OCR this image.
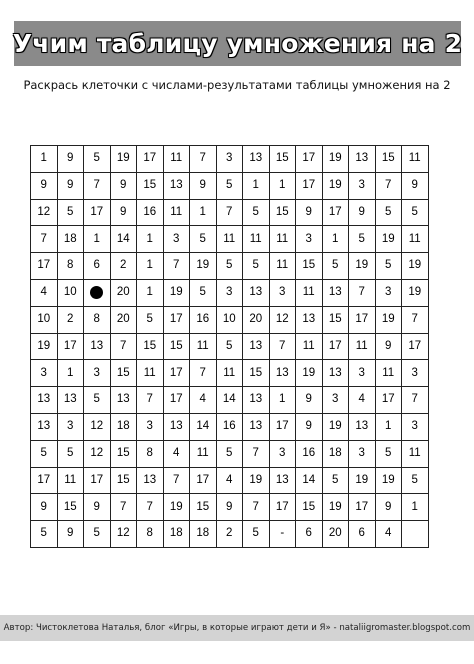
Учим таблицу умножения на 2
Раскрась клеточки с числами-результатами таблицы умножения на 2
1	9	5	19	17	11	7	3	13	15	17	19	13	15	11
9	9	7	9	15	13	9	5	1	1	17	19	3	7	9
12	5	17	9	16	11	1	7	5	15	9	17	9	5	5
7	18	1	14	1	3	5	11	11	11	3	1	5	19	11
17	8	6	2	1	7	19	5	5	11	15	5	19	5	19
4	10		20	1	19	5	3	13	3	11	13	7	3	19
10	2	8	20	5	17	16	10	20	12	13	15	17	19	7
19	17	13	7	15	15	11	5	13	7	11	17	11	9	17
3	1	3	15	11	17	7	11	15	13	19	13	3	11	3
13	13	5	13	7	17	4	14	13	1	9	3	4	17	7
13	3	12	18	3	13	14	16	13	17	9	19	13	1	3
5	5	12	15	8	4	11	5	7	3	16	18	3	5	11
17	11	17	15	13	7	17	4	19	13	14	5	19	19	5
9	15	9	7	7	19	15	9	7	17	15	19	17	9	1
5	9	5	12	8	18	18	2	5	-	6	20	6	4	
Автор: Чистоклетова Наталья, блог «Игры, в которые играют дети и Я» - nataliigromaster.blogspot.com
